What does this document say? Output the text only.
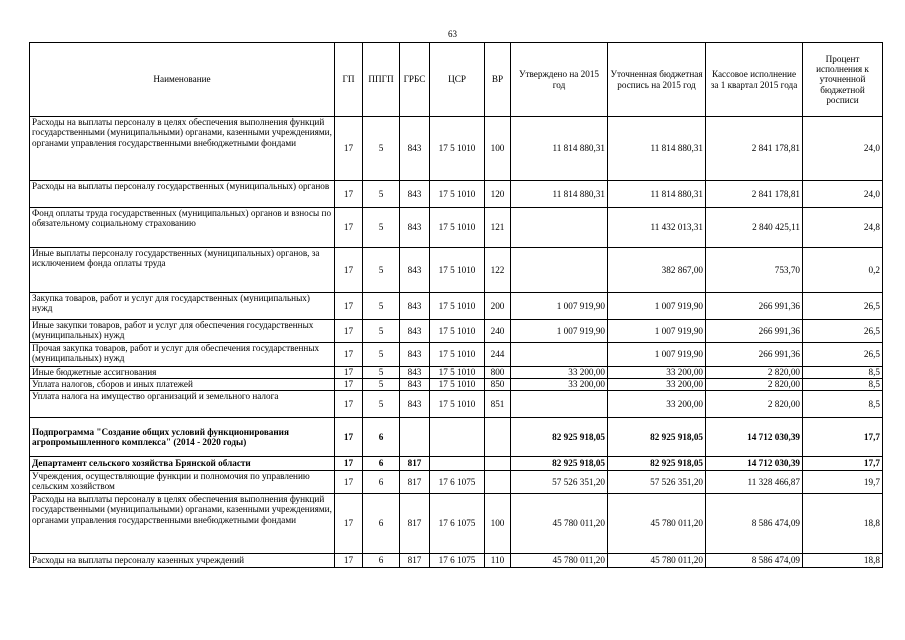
63
Наименование	ГП	ППГП	ГРБС	ЦСР	ВР	Утверждено на 2015 год	Уточненная бюджетная роспись на 2015 год	Кассовое исполнение за 1 квартал 2015 года	Процент исполнения к уточненной бюджетной росписи
Расходы на выплаты персоналу в целях обеспечения выполнения функций государственными (муниципальными) органами, казенными учреждениями, органами управления государственными внебюджетными фондами	17	5	843	17 5 1010	100	11 814 880,31	11 814 880,31	2 841 178,81	24,0
Расходы на выплаты персоналу государственных (муниципальных) органов	17	5	843	17 5 1010	120	11 814 880,31	11 814 880,31	2 841 178,81	24,0
Фонд оплаты труда государственных (муниципальных) органов и взносы по обязательному социальному страхованию	17	5	843	17 5 1010	121		11 432 013,31	2 840 425,11	24,8
Иные выплаты персоналу государственных (муниципальных) органов, за исключением фонда оплаты труда	17	5	843	17 5 1010	122		382 867,00	753,70	0,2
Закупка товаров, работ и услуг для государственных (муниципальных) нужд	17	5	843	17 5 1010	200	1 007 919,90	1 007 919,90	266 991,36	26,5
Иные закупки товаров, работ и услуг для обеспечения государственных (муниципальных) нужд	17	5	843	17 5 1010	240	1 007 919,90	1 007 919,90	266 991,36	26,5
Прочая закупка товаров, работ и услуг для обеспечения государственных (муниципальных) нужд	17	5	843	17 5 1010	244		1 007 919,90	266 991,36	26,5
Иные бюджетные ассигнования	17	5	843	17 5 1010	800	33 200,00	33 200,00	2 820,00	8,5
Уплата налогов, сборов и иных платежей	17	5	843	17 5 1010	850	33 200,00	33 200,00	2 820,00	8,5
Уплата налога на имущество организаций и земельного налога	17	5	843	17 5 1010	851		33 200,00	2 820,00	8,5
Подпрограмма "Создание общих условий функционирования агропромышленного комплекса" (2014 - 2020 годы)	17	6				82 925 918,05	82 925 918,05	14 712 030,39	17,7
Департамент сельского хозяйства Брянской области	17	6	817			82 925 918,05	82 925 918,05	14 712 030,39	17,7
Учреждения, осуществляющие функции и полномочия по управлению сельским хозяйством	17	6	817	17 6 1075		57 526 351,20	57 526 351,20	11 328 466,87	19,7
Расходы на выплаты персоналу в целях обеспечения выполнения функций государственными (муниципальными) органами, казенными учреждениями, органами управления государственными внебюджетными фондами	17	6	817	17 6 1075	100	45 780 011,20	45 780 011,20	8 586 474,09	18,8
Расходы на выплаты персоналу казенных учреждений	17	6	817	17 6 1075	110	45 780 011,20	45 780 011,20	8 586 474,09	18,8
